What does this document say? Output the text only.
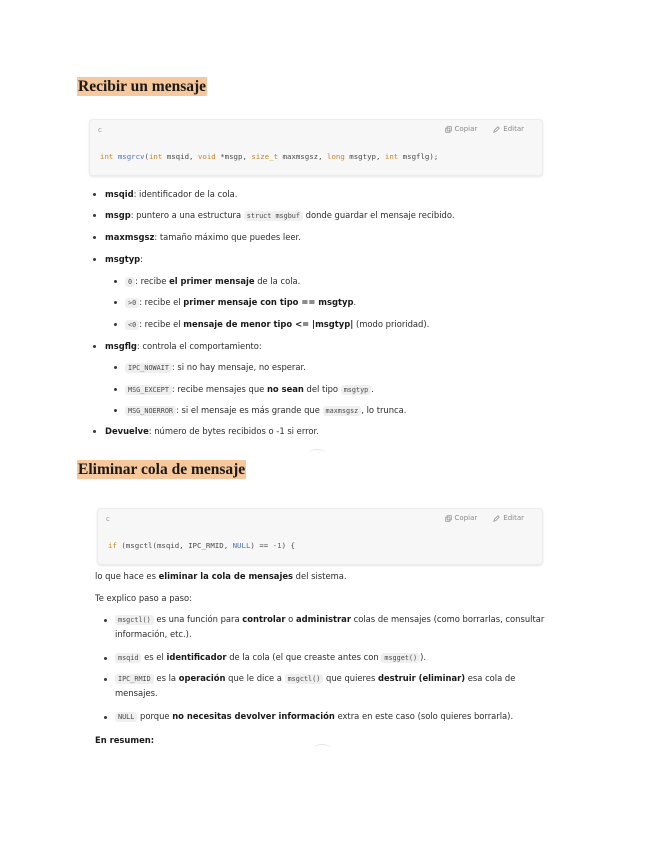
Recibir un mensaje
c	Copiar	Editar
int msgrcv(int msqid, void *msgp, size_t maxmsgsz, long msgtyp, int msgflg);
msqid: identificador de la cola.
msgp: puntero a una estructura struct msgbuf donde guardar el mensaje recibido.
maxmsgsz: tamaño máximo que puedes leer.
msgtyp:
0 : recibe el primer mensaje de la cola.
>0 : recibe el primer mensaje con tipo == msgtyp.
<0 : recibe el mensaje de menor tipo <= |msgtyp| (modo prioridad).
msgflg: controla el comportamiento:
IPC_NOWAIT : si no hay mensaje, no esperar.
MSG_EXCEPT : recibe mensajes que no sean del tipo msgtyp .
MSG_NOERROR : si el mensaje es más grande que maxmsgsz , lo trunca.
Devuelve: número de bytes recibidos o -1 si error.
Eliminar cola de mensaje
c	Copiar	Editar
if (msgctl(msqid, IPC_RMID, NULL) == -1) {
lo que hace es eliminar la cola de mensajes del sistema.
Te explico paso a paso:
msgctl() es una función para controlar o administrar colas de mensajes (como borrarlas, consultar
información, etc.).
msqid es el identificador de la cola (el que creaste antes con msgget() ).
IPC_RMID es la operación que le dice a msgctl() que quieres destruir (eliminar) esa cola de
mensajes.
NULL porque no necesitas devolver información extra en este caso (solo quieres borrarla).
En resumen:
